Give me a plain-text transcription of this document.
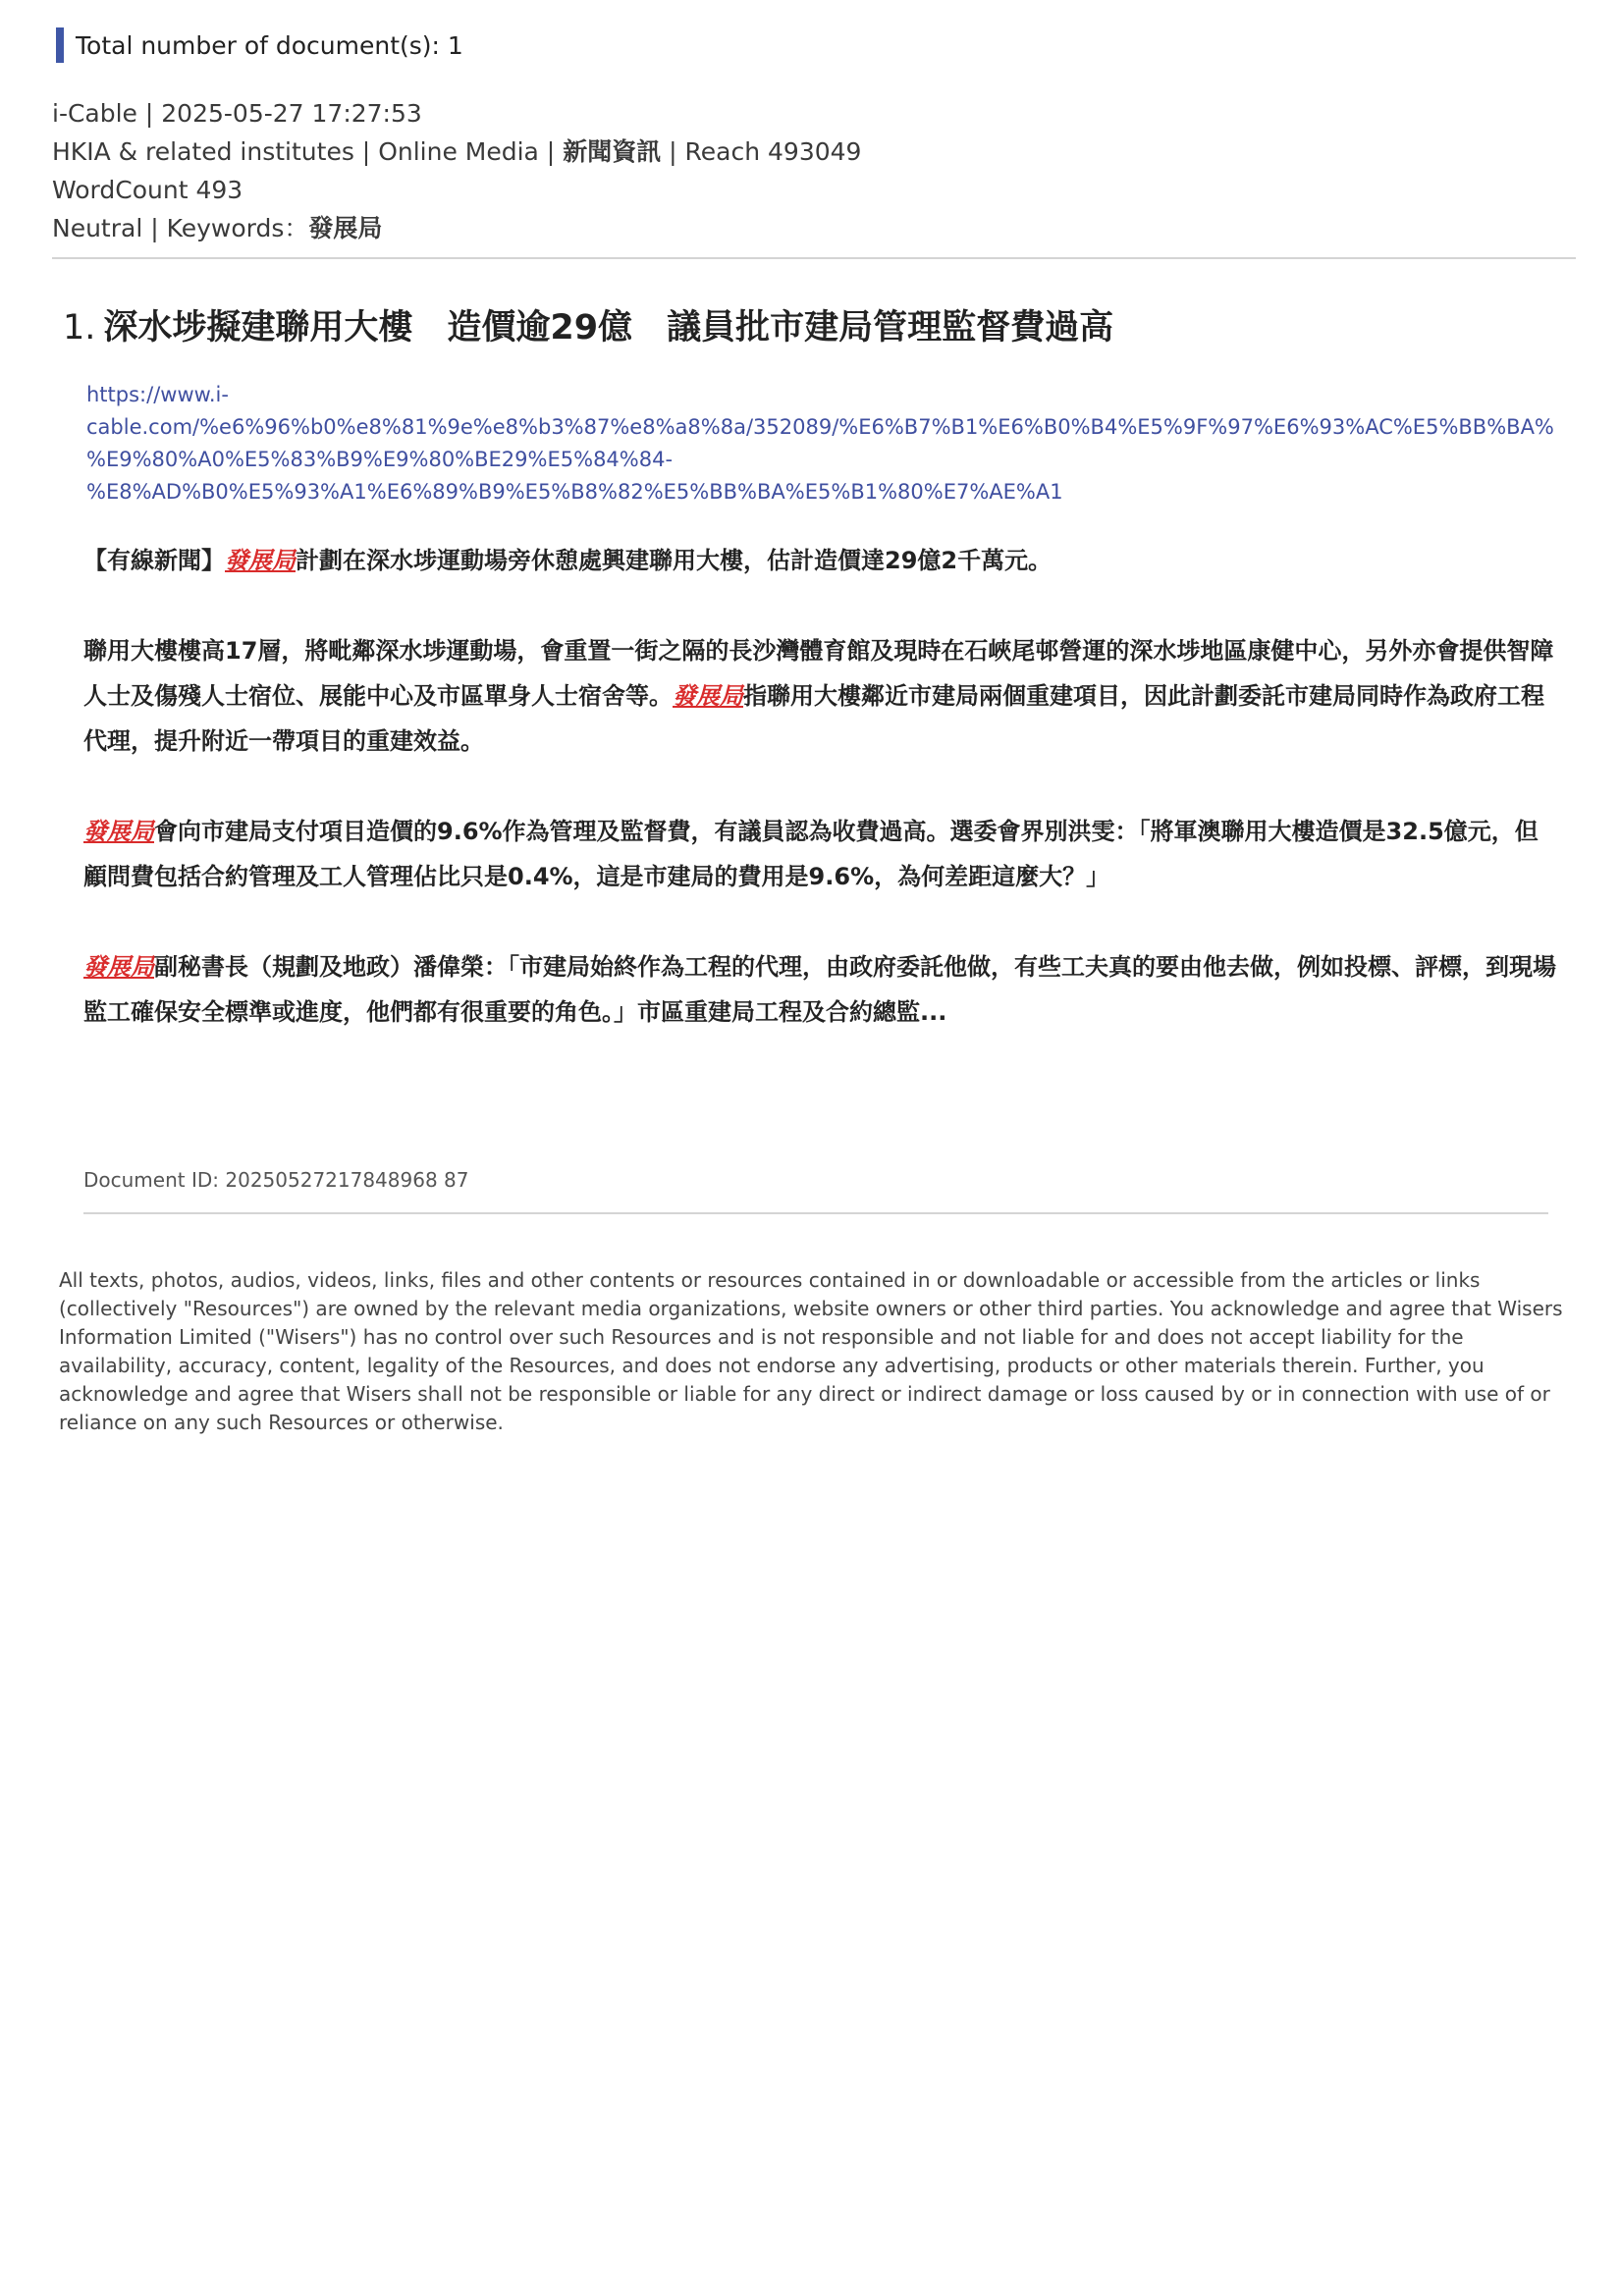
Total number of document(s): 1
i-Cable | 2025-05-27 17:27:53
HKIA & related institutes | Online Media | 新聞資訊 | Reach 493049
WordCount 493
Neutral | Keywords：發展局
1. 深水埗擬建聯用大樓　造價逾29億　議員批市建局管理監督費過高
https://www.i-
cable.com/%e6%96%b0%e8%81%9e%e8%b3%87%e8%a8%8a/352089/%E6%B7%B1%E6%B0%B4%E5%9F%97%E6%93%AC%E5%BB%BA%
%E9%80%A0%E5%83%B9%E9%80%BE29%E5%84%84-
%E8%AD%B0%E5%93%A1%E6%89%B9%E5%B8%82%E5%BB%BA%E5%B1%80%E7%AE%A1

【有線新聞】發展局計劃在深水埗運動場旁休憩處興建聯用大樓，估計造價達29億2千萬元。

聯用大樓樓高17層，將毗鄰深水埗運動場，會重置一街之隔的長沙灣體育館及現時在石峽尾邨營運的深水埗地區康健中心，另外亦會提供智障人士及傷殘人士宿位、展能中心及市區單身人士宿舍等。發展局指聯用大樓鄰近市建局兩個重建項目，因此計劃委託市建局同時作為政府工程代理，提升附近一帶項目的重建效益。

發展局會向市建局支付項目造價的9.6%作為管理及監督費，有議員認為收費過高。選委會界別洪雯：「將軍澳聯用大樓造價是32.5億元，但顧問費包括合約管理及工人管理佔比只是0.4%，這是市建局的費用是9.6%，為何差距這麼大？」

發展局副秘書長（規劃及地政）潘偉榮：「市建局始終作為工程的代理，由政府委託他做，有些工夫真的要由他去做，例如投標、評標，到現場監工確保安全標準或進度，他們都有很重要的角色。」市區重建局工程及合約總監...

Document ID: 20250527217848968 87
All texts, photos, audios, videos, links, files and other contents or resources contained in or downloadable or accessible from the articles or links (collectively "Resources") are owned by the relevant media organizations, website owners or other third parties. You acknowledge and agree that Wisers Information Limited ("Wisers") has no control over such Resources and is not responsible and not liable for and does not accept liability for the availability, accuracy, content, legality of the Resources, and does not endorse any advertising, products or other materials therein. Further, you acknowledge and agree that Wisers shall not be responsible or liable for any direct or indirect damage or loss caused by or in connection with use of or reliance on any such Resources or otherwise.
